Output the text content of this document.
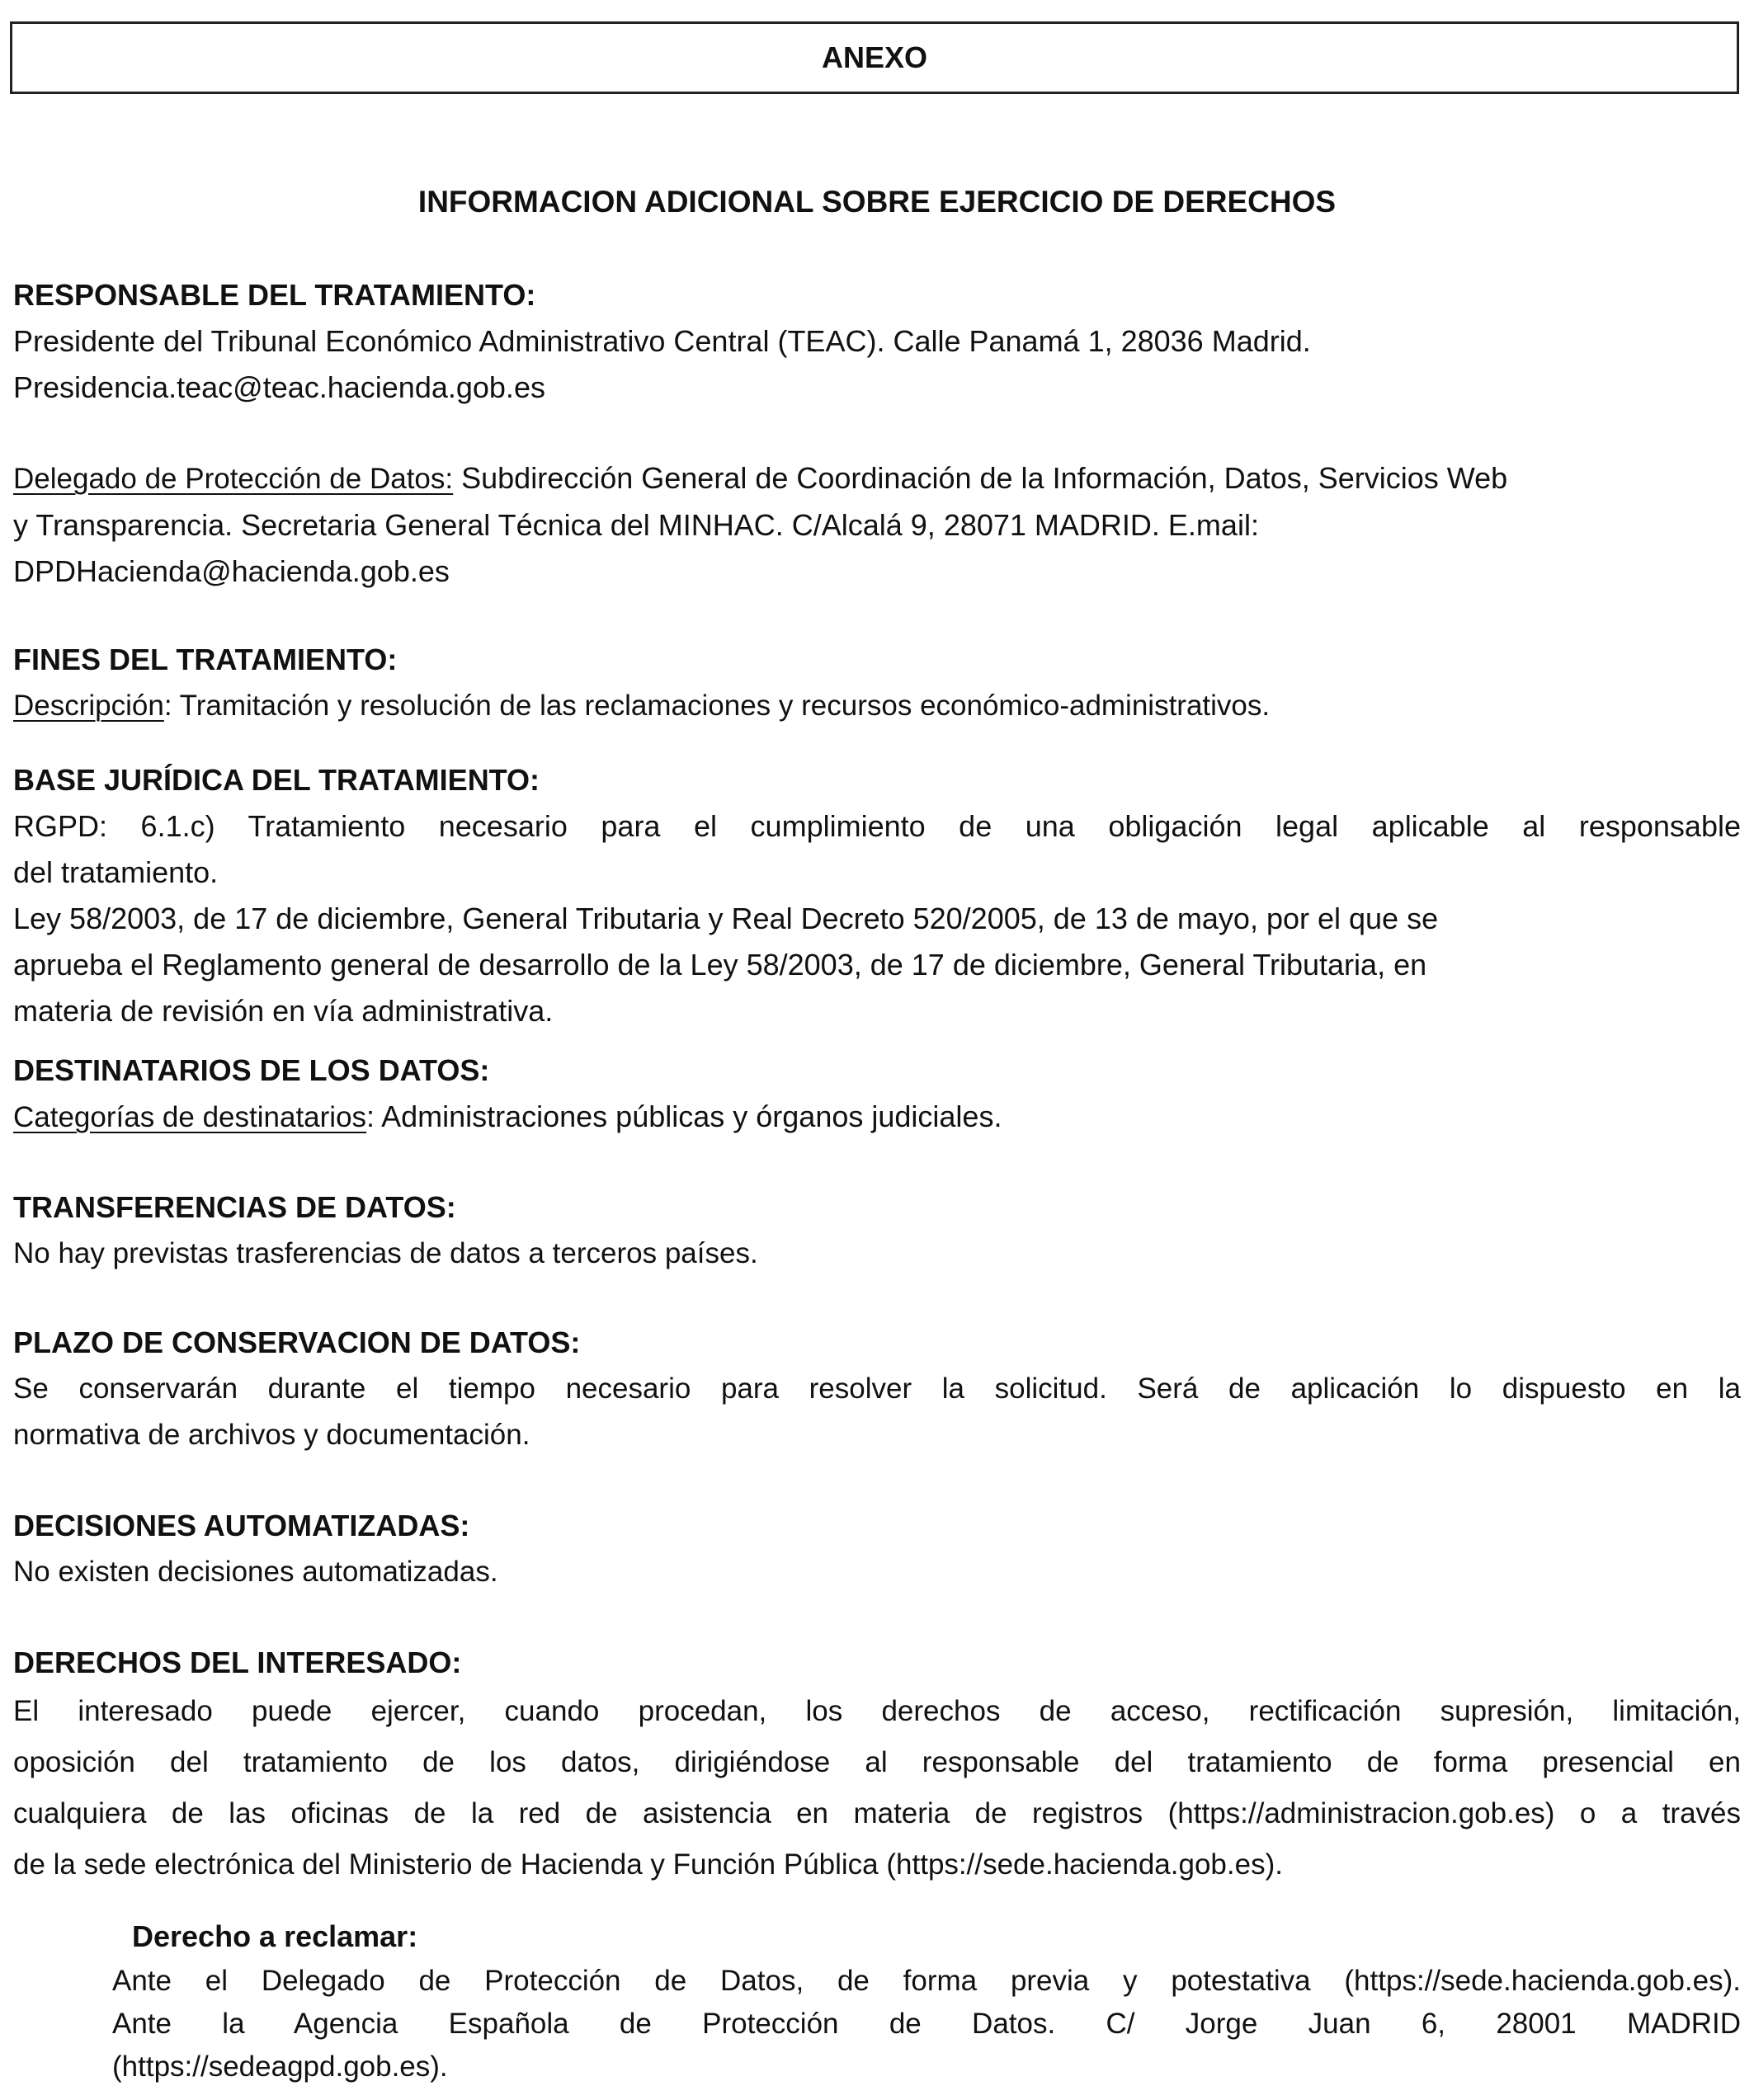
ANEXO
INFORMACION ADICIONAL SOBRE EJERCICIO DE DERECHOS

RESPONSABLE DEL TRATAMIENTO:

Presidente del Tribunal Económico Administrativo Central (TEAC). Calle Panamá 1, 28036 Madrid.

Presidencia.teac@teac.hacienda.gob.es

Delegado de Protección de Datos: Subdirección General de Coordinación de la Información, Datos, Servicios Web

y Transparencia. Secretaria General Técnica del MINHAC. C/Alcalá 9, 28071 MADRID. E.mail:

DPDHacienda@hacienda.gob.es

FINES DEL TRATAMIENTO:

Descripción: Tramitación y resolución de las reclamaciones y recursos económico-administrativos.

BASE JURÍDICA DEL TRATAMIENTO:

RGPD: 6.1.c) Tratamiento necesario para el cumplimiento de una obligación legal aplicable al responsable

del tratamiento.

Ley 58/2003, de 17 de diciembre, General Tributaria y Real Decreto 520/2005, de 13 de mayo, por el que se

aprueba el Reglamento general de desarrollo de la Ley 58/2003, de 17 de diciembre, General Tributaria, en

materia de revisión en vía administrativa.

DESTINATARIOS DE LOS DATOS:

Categorías de destinatarios: Administraciones públicas y órganos judiciales.

TRANSFERENCIAS DE DATOS:

No hay previstas trasferencias de datos a terceros países.

PLAZO DE CONSERVACION DE DATOS:

Se conservarán durante el tiempo necesario para resolver la solicitud. Será de aplicación lo dispuesto en la

normativa de archivos y documentación.

DECISIONES AUTOMATIZADAS:

No existen decisiones automatizadas.

DERECHOS DEL INTERESADO:

El interesado puede ejercer, cuando procedan, los derechos de acceso, rectificación supresión, limitación,

oposición del tratamiento de los datos, dirigiéndose al responsable del tratamiento de forma presencial en

cualquiera de las oficinas de la red de asistencia en materia de registros (https://administracion.gob.es) o a través

de la sede electrónica del Ministerio de Hacienda y Función Pública (https://sede.hacienda.gob.es).

Derecho a reclamar:

Ante el Delegado de Protección de Datos, de forma previa y potestativa (https://sede.hacienda.gob.es).

Ante la Agencia Española de Protección de Datos. C/ Jorge Juan 6, 28001 MADRID

(https://sedeagpd.gob.es).
